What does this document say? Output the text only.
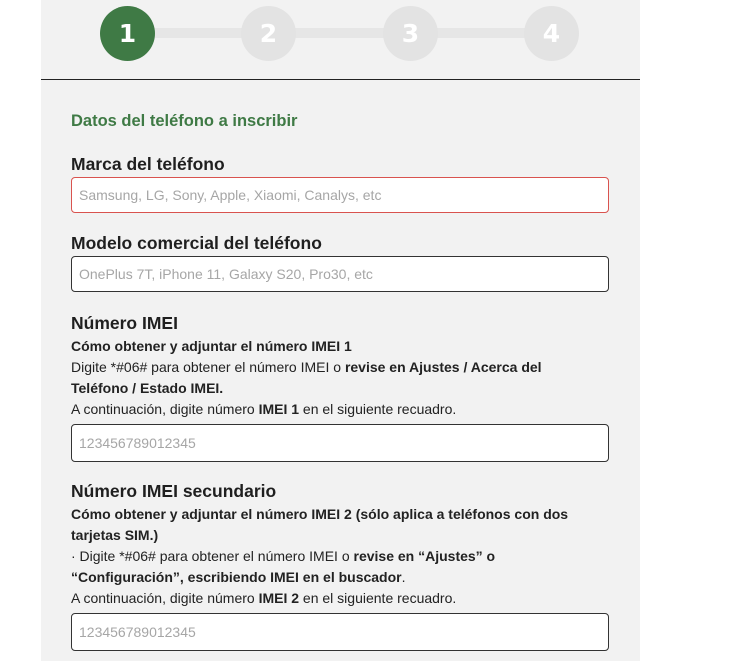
1	2	3	4
Datos del teléfono a inscribir
Marca del teléfono
Samsung, LG, Sony, Apple, Xiaomi, Canalys, etc
Modelo comercial del teléfono
OnePlus 7T, iPhone 11, Galaxy S20, Pro30, etc
Número IMEI
Cómo obtener y adjuntar el número IMEI 1
Digite *#06# para obtener el número IMEI o revise en Ajustes / Acerca del
Teléfono / Estado IMEI.
A continuación, digite número IMEI 1 en el siguiente recuadro.
123456789012345
Número IMEI secundario
Cómo obtener y adjuntar el número IMEI 2 (sólo aplica a teléfonos con dos
tarjetas SIM.)
· Digite *#06# para obtener el número IMEI o revise en “Ajustes” o
“Configuración”, escribiendo IMEI en el buscador.
A continuación, digite número IMEI 2 en el siguiente recuadro.
123456789012345
